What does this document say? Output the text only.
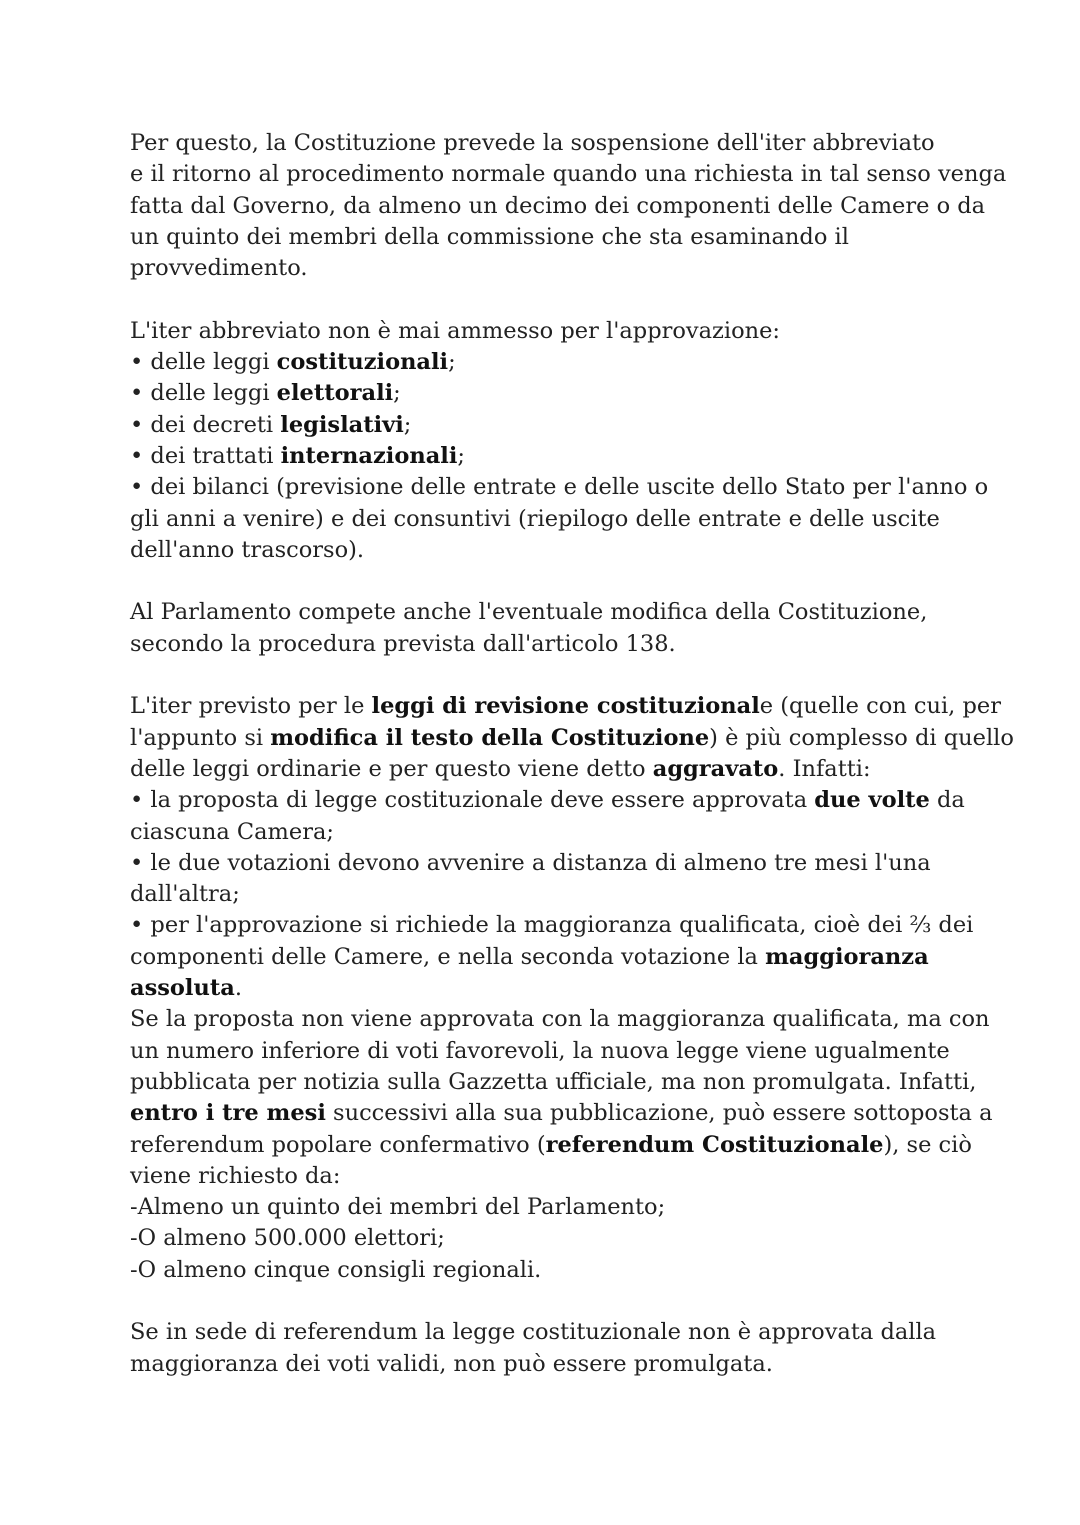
Per questo, la Costituzione prevede la sospensione dell'iter abbreviato
e il ritorno al procedimento normale quando una richiesta in tal senso venga
fatta dal Governo, da almeno un decimo dei componenti delle Camere o da
un quinto dei membri della commissione che sta esaminando il
provvedimento.
L'iter abbreviato non è mai ammesso per l'approvazione:
• delle leggi costituzionali;
• delle leggi elettorali;
• dei decreti legislativi;
• dei trattati internazionali;
• dei bilanci (previsione delle entrate e delle uscite dello Stato per l'anno o
gli anni a venire) e dei consuntivi (riepilogo delle entrate e delle uscite
dell'anno trascorso).
Al Parlamento compete anche l'eventuale modifica della Costituzione,
secondo la procedura prevista dall'articolo 138.
L'iter previsto per le leggi di revisione costituzionale (quelle con cui, per
l'appunto si modifica il testo della Costituzione) è più complesso di quello
delle leggi ordinarie e per questo viene detto aggravato. Infatti:
• la proposta di legge costituzionale deve essere approvata due volte da
ciascuna Camera;
• le due votazioni devono avvenire a distanza di almeno tre mesi l'una
dall'altra;
• per l'approvazione si richiede la maggioranza qualificata, cioè dei ⅔ dei
componenti delle Camere, e nella seconda votazione la maggioranza
assoluta.
Se la proposta non viene approvata con la maggioranza qualificata, ma con
un numero inferiore di voti favorevoli, la nuova legge viene ugualmente
pubblicata per notizia sulla Gazzetta ufficiale, ma non promulgata. Infatti,
entro i tre mesi successivi alla sua pubblicazione, può essere sottoposta a
referendum popolare confermativo (referendum Costituzionale), se ciò
viene richiesto da:
-Almeno un quinto dei membri del Parlamento;
-O almeno 500.000 elettori;
-O almeno cinque consigli regionali.
Se in sede di referendum la legge costituzionale non è approvata dalla
maggioranza dei voti validi, non può essere promulgata.
